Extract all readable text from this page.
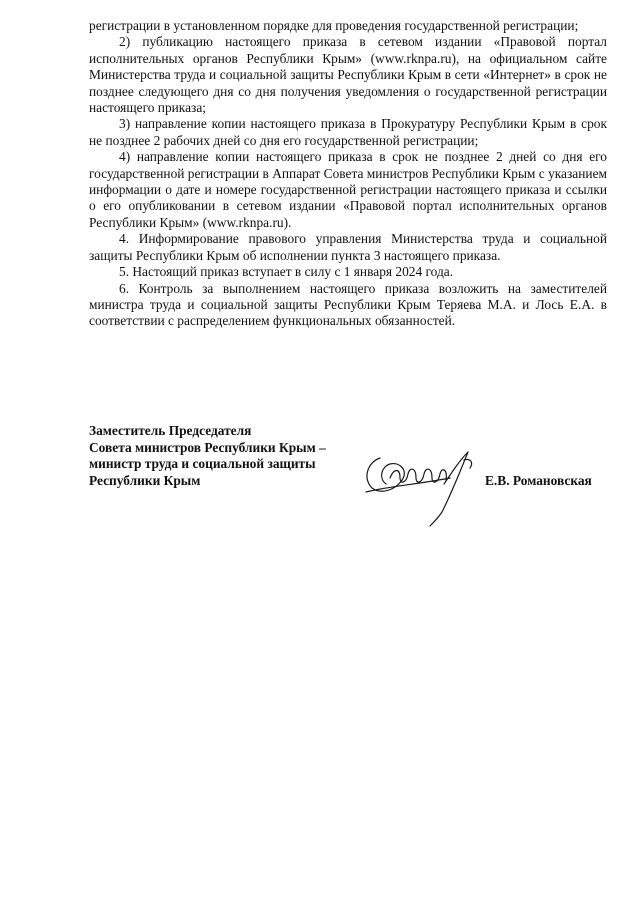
регистрации в установленном порядке для проведения государственной регистрации;

2) публикацию настоящего приказа в сетевом издании «Правовой портал исполнительных органов Республики Крым» (www.rknpa.ru), на официальном сайте Министерства труда и социальной защиты Республики Крым в сети «Интернет» в срок не позднее следующего дня со дня получения уведомления о государственной регистрации настоящего приказа;

3) направление копии настоящего приказа в Прокуратуру Республики Крым в срок не позднее 2 рабочих дней со дня его государственной регистрации;

4) направление копии настоящего приказа в срок не позднее 2 дней со дня его государственной регистрации в Аппарат Совета министров Республики Крым с указанием информации о дате и номере государственной регистрации настоящего приказа и ссылки о его опубликовании в сетевом издании «Правовой портал исполнительных органов Республики Крым» (www.rknpa.ru).

4. Информирование правового управления Министерства труда и социальной защиты Республики Крым об исполнении пункта 3 настоящего приказа.

5. Настоящий приказ вступает в силу с 1 января 2024 года.

6. Контроль за выполнением настоящего приказа возложить на заместителей министра труда и социальной защиты Республики Крым Теряева М.А. и Лось Е.А. в соответствии с распределением функциональных обязанностей.

Заместитель Председателя
Совета министров Республики Крым –
министр труда и социальной защиты
Республики Крым	Е.В. Романовская
